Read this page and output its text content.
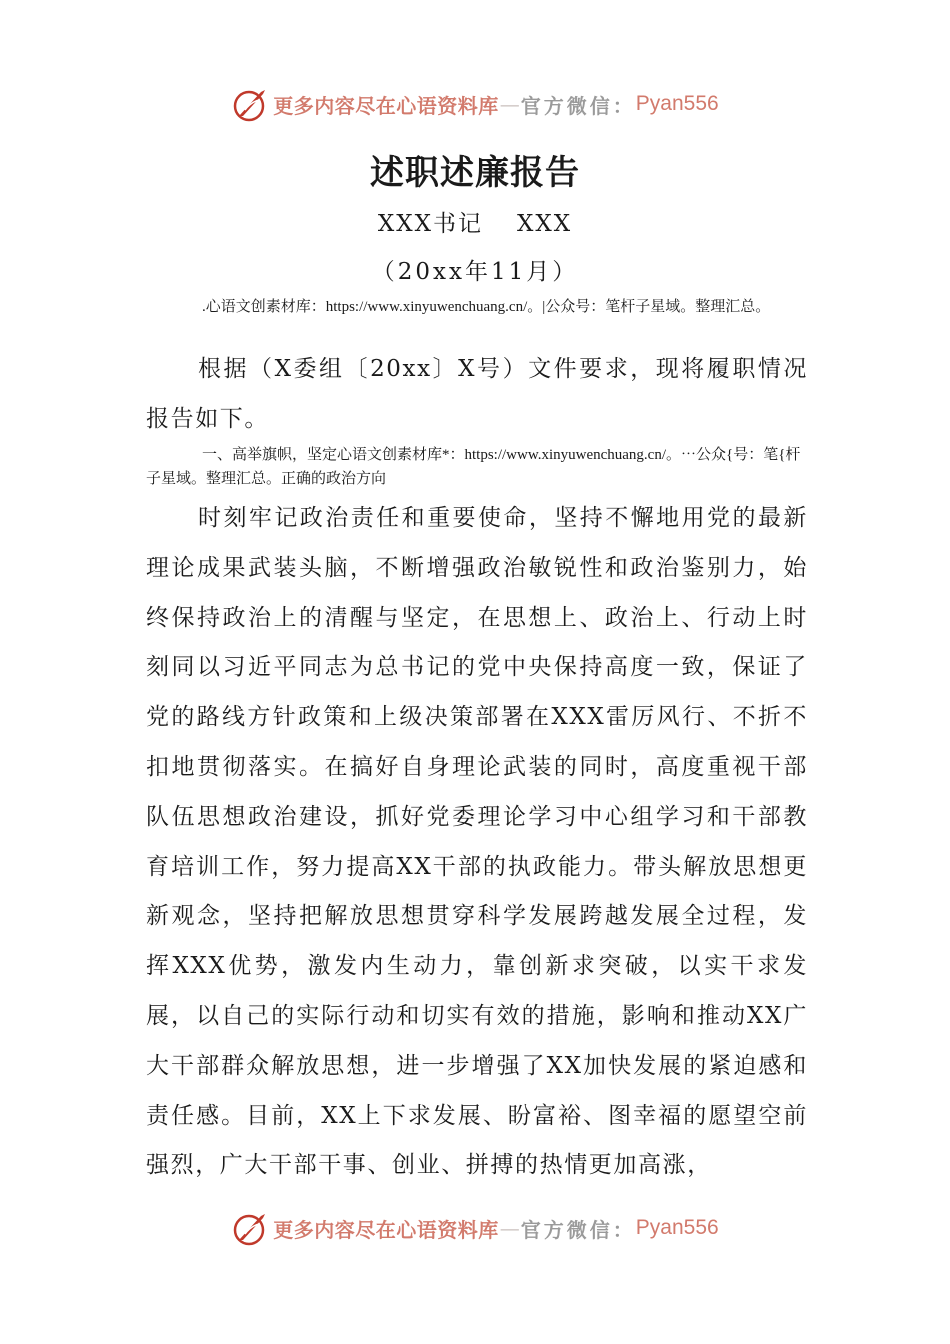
更多内容尽在心语资料库 — 官方微信： Pyan556
述职述廉报告
XXX书记 XXX
（20xx年11月）
.心语文创素材库：https://www.xinyuwenchuang.cn/。|公众号：笔杆子星域。整理汇总。

根据（X委组〔20xx〕X号）文件要求，现将履职情况报告如下。

一、高举旗帜，坚定心语文创素材库*：https://www.xinyuwenchuang.cn/。⋯公众{号：笔{杆子星域。整理汇总。正确的政治方向

时刻牢记政治责任和重要使命，坚持不懈地用党的最新理论成果武装头脑，不断增强政治敏锐性和政治鉴别力，始终保持政治上的清醒与坚定，在思想上、政治上、行动上时刻同以习近平同志为总书记的党中央保持高度一致，保证了党的路线方针政策和上级决策部署在XXX雷厉风行、不折不扣地贯彻落实。在搞好自身理论武装的同时，高度重视干部队伍思想政治建设，抓好党委理论学习中心组学习和干部教育培训工作，努力提高XX干部的执政能力。带头解放思想更新观念，坚持把解放思想贯穿科学发展跨越发展全过程，发挥XXX优势，激发内生动力，靠创新求突破，以实干求发展，以自己的实际行动和切实有效的措施，影响和推动XX广大干部群众解放思想，进一步增强了XX加快发展的紧迫感和责任感。目前，XX上下求发展、盼富裕、图幸福的愿望空前强烈，广大干部干事、创业、拼搏的热情更加高涨，

更多内容尽在心语资料库 — 官方微信： Pyan556
